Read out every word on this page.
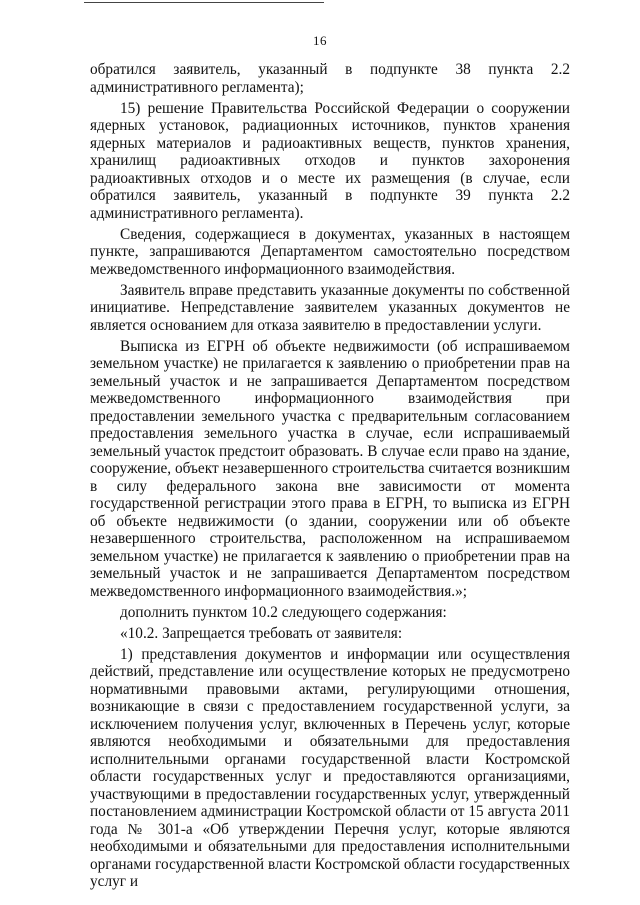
16

обратился заявитель, указанный в подпункте 38 пункта 2.2 административного регламента);

15) решение Правительства Российской Федерации о сооружении ядерных установок, радиационных источников, пунктов хранения ядерных материалов и радиоактивных веществ, пунктов хранения, хранилищ радиоактивных отходов и пунктов захоронения радиоактивных отходов и о месте их размещения (в случае, если обратился заявитель, указанный в подпункте 39 пункта 2.2 административного регламента).

Сведения, содержащиеся в документах, указанных в настоящем пункте, запрашиваются Департаментом самостоятельно посредством межведомственного информационного взаимодействия.

Заявитель вправе представить указанные документы по собственной инициативе. Непредставление заявителем указанных документов не является основанием для отказа заявителю в предоставлении услуги.

Выписка из ЕГРН об объекте недвижимости (об испрашиваемом земельном участке) не прилагается к заявлению о приобретении прав на земельный участок и не запрашивается Департаментом посредством межведомственного информационного взаимодействия при предоставлении земельного участка с предварительным согласованием предоставления земельного участка в случае, если испрашиваемый земельный участок предстоит образовать. В случае если право на здание, сооружение, объект незавершенного строительства считается возникшим в силу федерального закона вне зависимости от момента государственной регистрации этого права в ЕГРН, то выписка из ЕГРН об объекте недвижимости (о здании, сооружении или об объекте незавершенного строительства, расположенном на испрашиваемом земельном участке) не прилагается к заявлению о приобретении прав на земельный участок и не запрашивается Департаментом посредством межведомственного информационного взаимодействия.»;

дополнить пунктом 10.2 следующего содержания:

«10.2. Запрещается требовать от заявителя:

1) представления документов и информации или осуществления действий, представление или осуществление которых не предусмотрено нормативными правовыми актами, регулирующими отношения, возникающие в связи с предоставлением государственной услуги, за исключением получения услуг, включенных в Перечень услуг, которые являются необходимыми и обязательными для предоставления исполнительными органами государственной власти Костромской области государственных услуг и предоставляются организациями, участвующими в предоставлении государственных услуг, утвержденный постановлением администрации Костромской области от 15 августа 2011 года № 301-а «Об утверждении Перечня услуг, которые являются необходимыми и обязательными для предоставления исполнительными органами государственной власти Костромской области государственных услуг и
